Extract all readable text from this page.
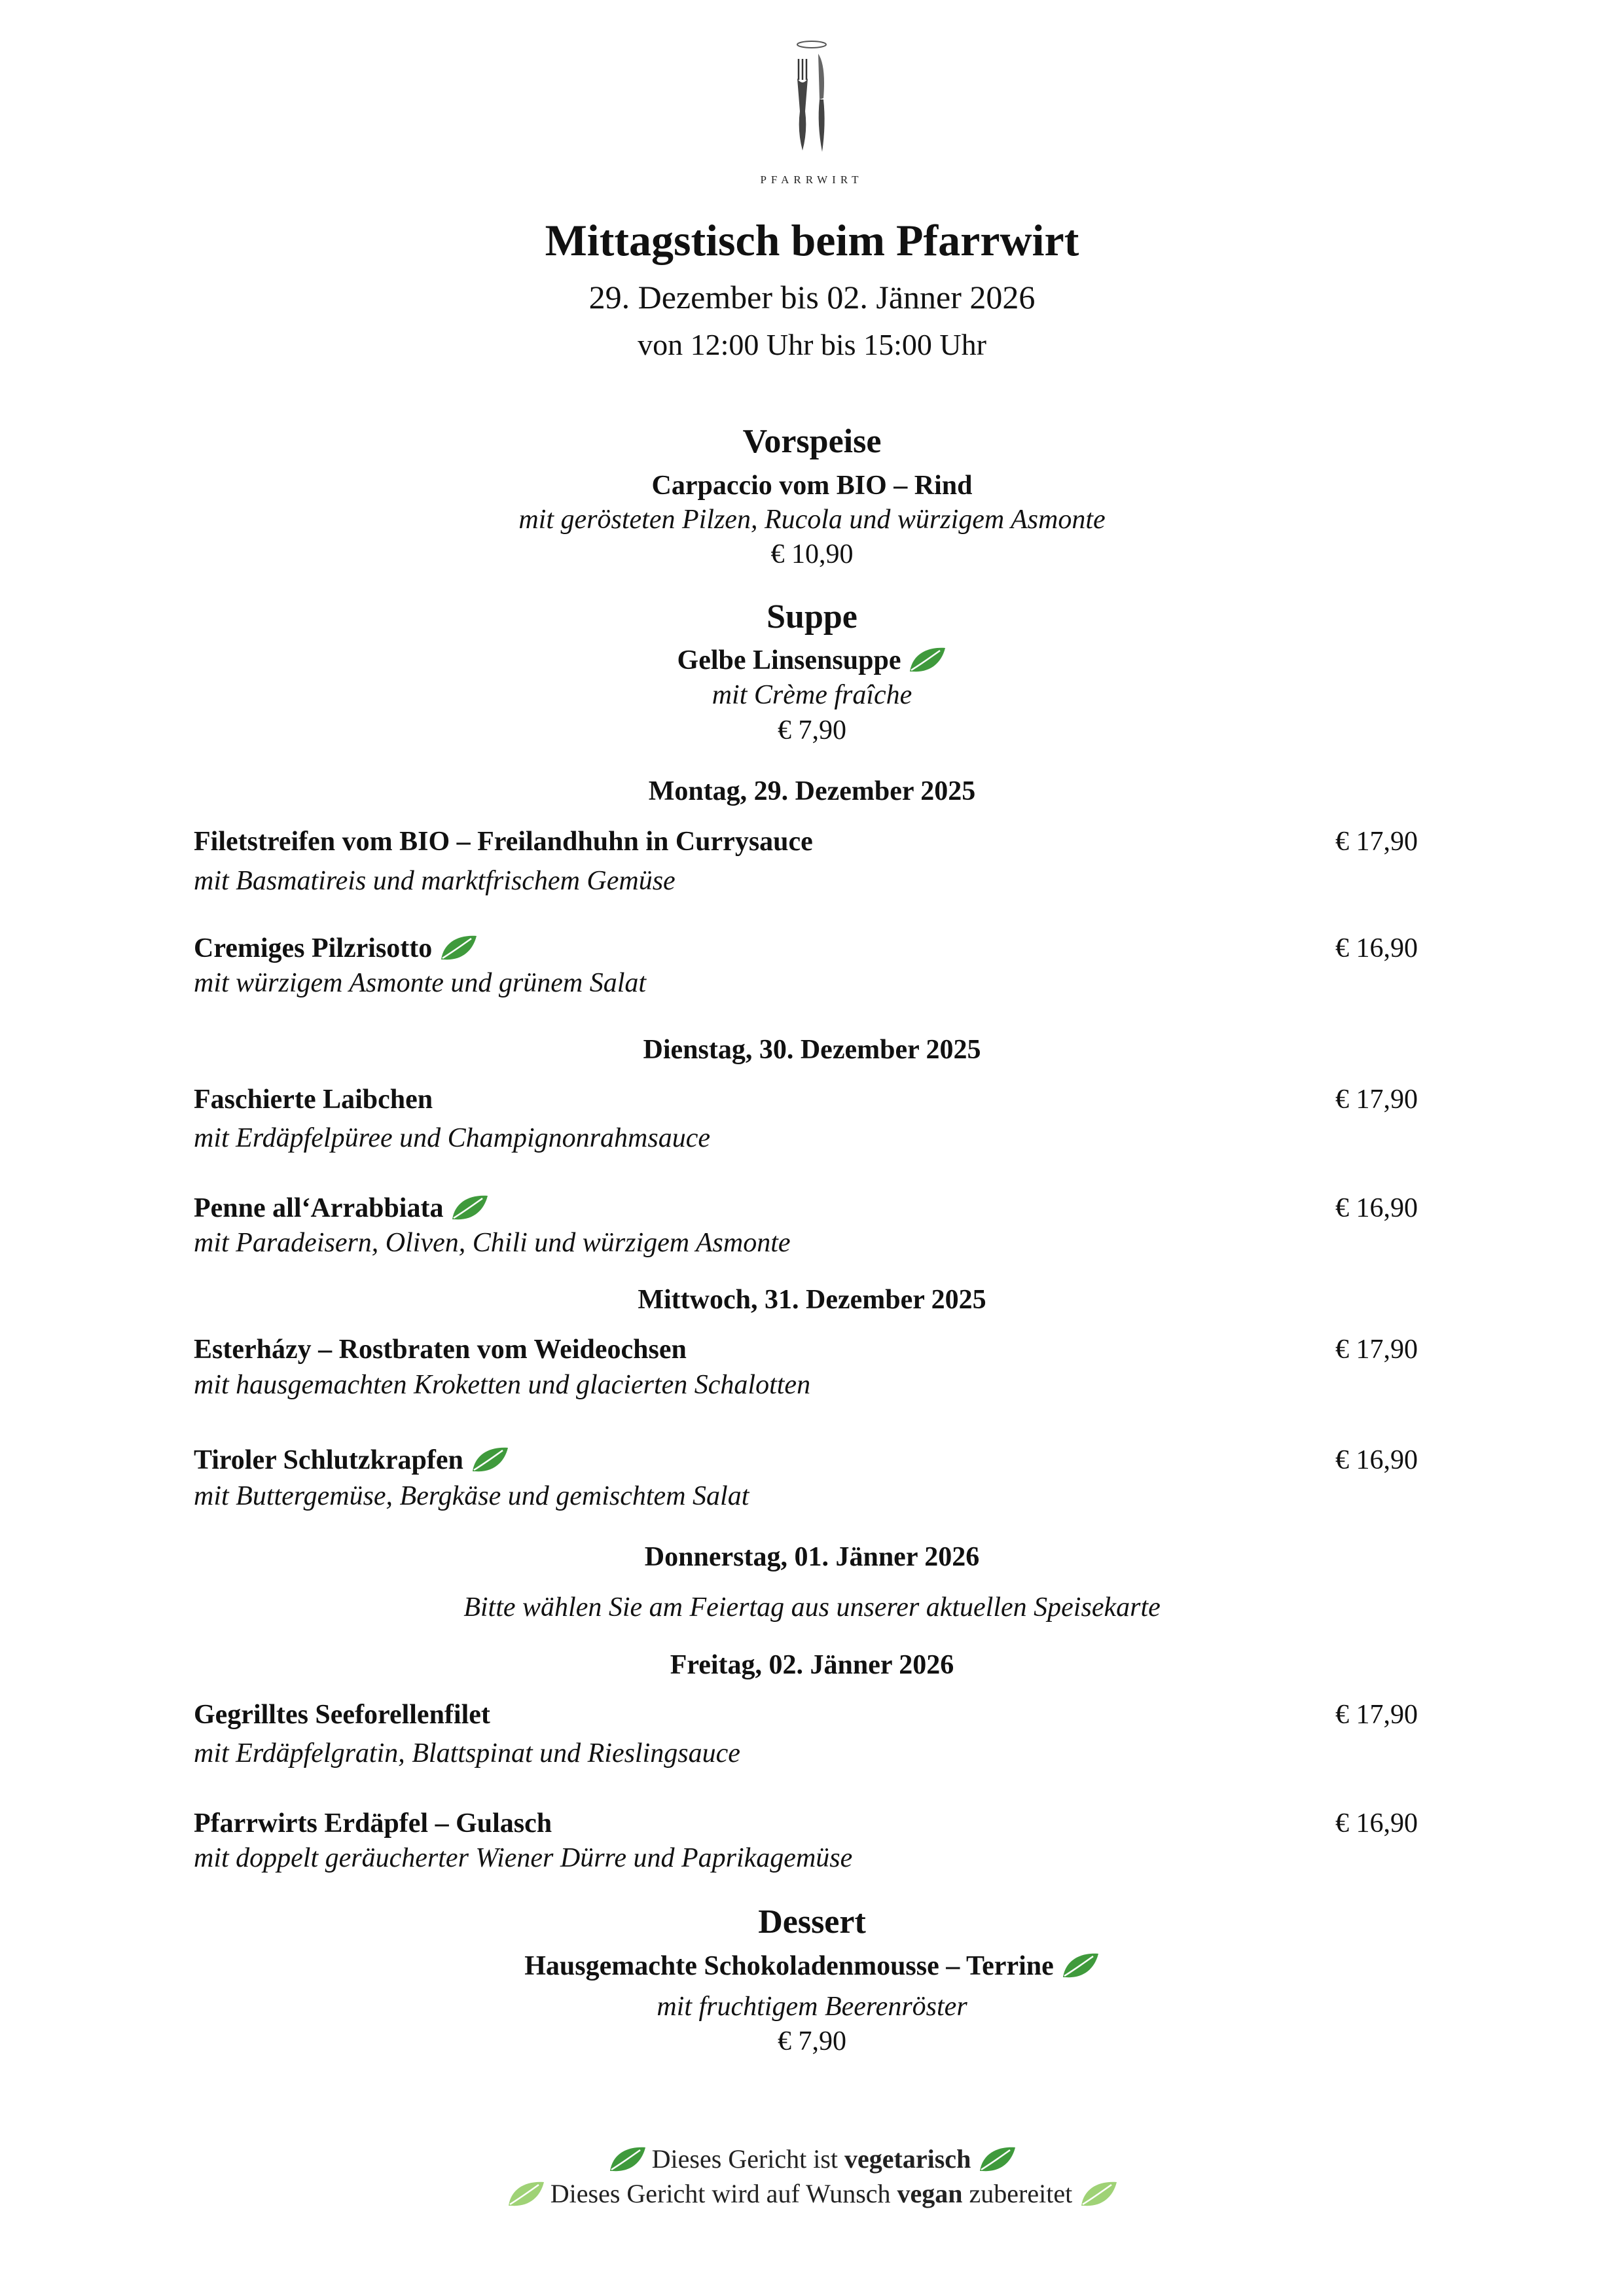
PFARRWIRT
Mittagstisch beim Pfarrwirt
29. Dezember bis 02. Jänner 2026
von 12:00 Uhr bis 15:00 Uhr
Vorspeise
Carpaccio vom BIO – Rind
mit gerösteten Pilzen, Rucola und würzigem Asmonte
€ 10,90
Suppe
Gelbe Linsensuppe
mit Crème fraîche
€ 7,90
Montag, 29. Dezember 2025
Filetstreifen vom BIO – Freilandhuhn in Currysauce	€ 17,90
mit Basmatireis und marktfrischem Gemüse
Cremiges Pilzrisotto	€ 16,90
mit würzigem Asmonte und grünem Salat
Dienstag, 30. Dezember 2025
Faschierte Laibchen	€ 17,90
mit Erdäpfelpüree und Champignonrahmsauce
Penne all‘Arrabbiata	€ 16,90
mit Paradeisern, Oliven, Chili und würzigem Asmonte
Mittwoch, 31. Dezember 2025
Esterházy – Rostbraten vom Weideochsen	€ 17,90
mit hausgemachten Kroketten und glacierten Schalotten
Tiroler Schlutzkrapfen	€ 16,90
mit Buttergemüse, Bergkäse und gemischtem Salat
Donnerstag, 01. Jänner 2026
Bitte wählen Sie am Feiertag aus unserer aktuellen Speisekarte
Freitag, 02. Jänner 2026
Gegrilltes Seeforellenfilet	€ 17,90
mit Erdäpfelgratin, Blattspinat und Rieslingsauce
Pfarrwirts Erdäpfel – Gulasch	€ 16,90
mit doppelt geräucherter Wiener Dürre und Paprikagemüse
Dessert
Hausgemachte Schokoladenmousse – Terrine
mit fruchtigem Beerenröster
€ 7,90
Dieses Gericht ist vegetarisch
Dieses Gericht wird auf Wunsch vegan zubereitet
